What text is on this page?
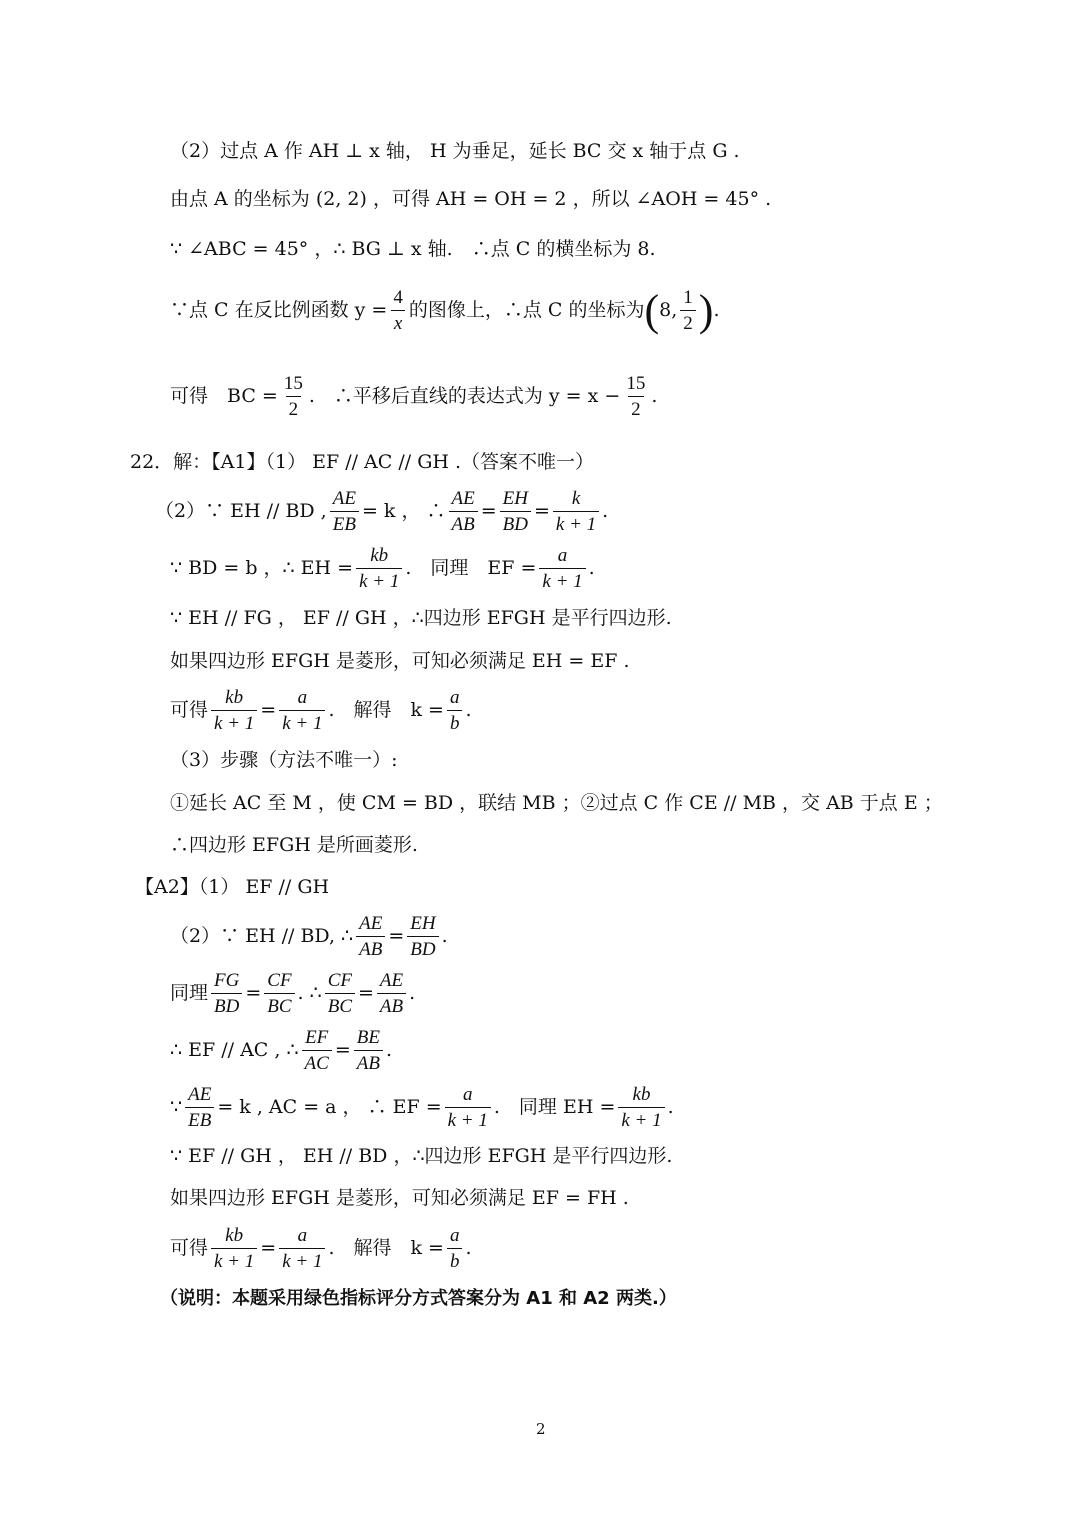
（2）过点 A 作 AH ⊥ x 轴， H 为垂足，延长 BC 交 x 轴于点 G .
由点 A 的坐标为 (2, 2) ，可得 AH = OH = 2 ，所以 ∠AOH = 45° .
∵ ∠ABC = 45° ，∴ BG ⊥ x 轴.　∴点 C 的横坐标为 8.
∵点 C 在反比例函数 $y = \frac{4}{x}$ 的图像上，∴点 C 的坐标为 ( 8, $\frac{1}{2}$ ) .
可得　BC = $\frac{15}{2}$ .　∴平移后直线的表达式为 $y = x - \frac{15}{2}$ .
22．解：【A1】（1） EF // AC // GH .（答案不唯一）
（2）∵ EH // BD , $\frac{AE}{EB} = k$ ， ∴ $\frac{AE}{AB} = \frac{EH}{BD} = \frac{k}{k + 1}$ .
∵ BD = b ，∴ EH = $\frac{kb}{k + 1}$ .　同理　EF = $\frac{a}{k + 1}$ .
∵ EH // FG ， EF // GH ，∴四边形 EFGH 是平行四边形.
如果四边形 EFGH 是菱形，可知必须满足 EH = EF .
可得 $\frac{kb}{k + 1} = \frac{a}{k + 1}$ .　解得　$k = \frac{a}{b}$ .
（3）步骤（方法不唯一）:
①延长 AC 至 M ，使 CM = BD ，联结 MB ；②过点 C 作 CE // MB ，交 AB 于点 E ；
∴四边形 EFGH 是所画菱形.
【A2】（1） EF // GH
（2）∵ EH // BD, ∴ $\frac{AE}{AB} = \frac{EH}{BD}$ .
同理 $\frac{FG}{BD} = \frac{CF}{BC}$ . ∴ $\frac{CF}{BC} = \frac{AE}{AB}$ .
∴ EF // AC , ∴ $\frac{EF}{AC} = \frac{BE}{AB}$ .
∵ $\frac{AE}{EB} = k$ , AC = a ， ∴ EF = $\frac{a}{k + 1}$ .　同理 EH = $\frac{kb}{k + 1}$ .
∵ EF // GH ， EH // BD ，∴四边形 EFGH 是平行四边形.
如果四边形 EFGH 是菱形，可知必须满足 EF = FH .
可得 $\frac{kb}{k + 1} = \frac{a}{k + 1}$ .　解得　$k = \frac{a}{b}$ .
（说明：本题采用绿色指标评分方式答案分为 A1 和 A2 两类.）
2
